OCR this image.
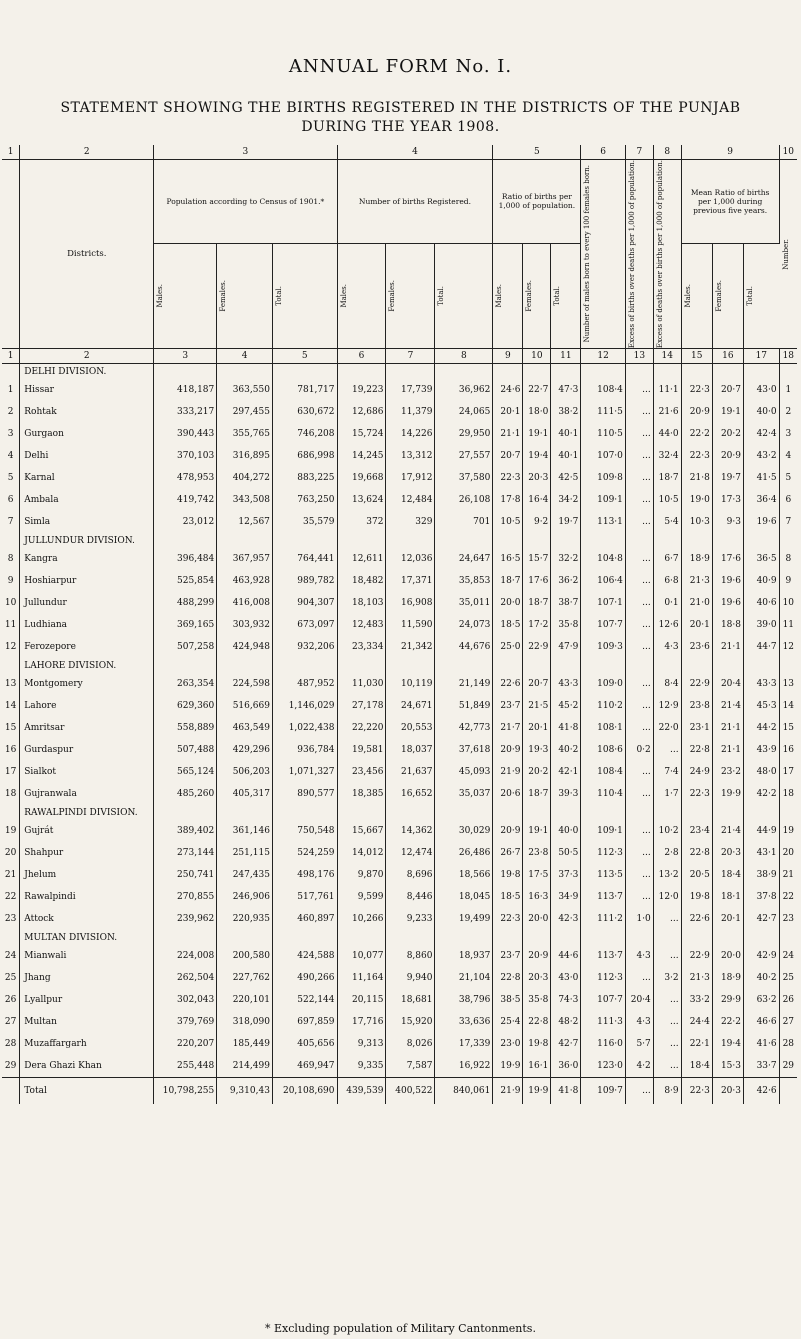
ANNUAL FORM No. I.
STATEMENT SHOWING THE BIRTHS REGISTERED IN THE DISTRICTS OF THE PUNJAB
DURING THE YEAR 1908.
1	2	3			4			5			6	7	8	9			10
	Districts.	Population according to Census of 1901.*			Number of births Registered.			Ratio of births per 1,000 of population.			Number of males born to every 100 females born.	Excess of births over deaths per 1,000 of population.	Excess of deaths over births per 1,000 of population.	Mean Ratio of births per 1,000 during previous five years.			Number.

		Males.	Females.	Total.	Males.	Females.	Total.	Males.	Females.	Total.				Males.	Females.	Total.	

1	2	3	4	5	6	7	8	9	10	11	12	13	14	15	16	17	18
	DELHI DIVISION.																
1	Hissar	418,187	363,550	781,717	19,223	17,739	36,962	24·6	22·7	47·3	108·4	...	11·1	22·3	20·7	43·0	1
2	Rohtak	333,217	297,455	630,672	12,686	11,379	24,065	20·1	18·0	38·2	111·5	...	21·6	20·9	19·1	40·0	2
3	Gurgaon	390,443	355,765	746,208	15,724	14,226	29,950	21·1	19·1	40·1	110·5	...	44·0	22·2	20·2	42·4	3
4	Delhi	370,103	316,895	686,998	14,245	13,312	27,557	20·7	19·4	40·1	107·0	...	32·4	22·3	20·9	43·2	4
5	Karnal	478,953	404,272	883,225	19,668	17,912	37,580	22·3	20·3	42·5	109·8	...	18·7	21·8	19·7	41·5	5
6	Ambala	419,742	343,508	763,250	13,624	12,484	26,108	17·8	16·4	34·2	109·1	...	10·5	19·0	17·3	36·4	6
7	Simla	23,012	12,567	35,579	372	329	701	10·5	9·2	19·7	113·1	...	5·4	10·3	9·3	19·6	7
	JULLUNDUR DIVISION.																
8	Kangra	396,484	367,957	764,441	12,611	12,036	24,647	16·5	15·7	32·2	104·8	...	6·7	18·9	17·6	36·5	8
9	Hoshiarpur	525,854	463,928	989,782	18,482	17,371	35,853	18·7	17·6	36·2	106·4	...	6·8	21·3	19·6	40·9	9
10	Jullundur	488,299	416,008	904,307	18,103	16,908	35,011	20·0	18·7	38·7	107·1	...	0·1	21·0	19·6	40·6	10
11	Ludhiana	369,165	303,932	673,097	12,483	11,590	24,073	18·5	17·2	35·8	107·7	...	12·6	20·1	18·8	39·0	11
12	Ferozepore	507,258	424,948	932,206	23,334	21,342	44,676	25·0	22·9	47·9	109·3	...	4·3	23·6	21·1	44·7	12
	LAHORE DIVISION.																
13	Montgomery	263,354	224,598	487,952	11,030	10,119	21,149	22·6	20·7	43·3	109·0	...	8·4	22·9	20·4	43·3	13
14	Lahore	629,360	516,669	1,146,029	27,178	24,671	51,849	23·7	21·5	45·2	110·2	...	12·9	23·8	21·4	45·3	14
15	Amritsar	558,889	463,549	1,022,438	22,220	20,553	42,773	21·7	20·1	41·8	108·1	...	22·0	23·1	21·1	44·2	15
16	Gurdaspur	507,488	429,296	936,784	19,581	18,037	37,618	20·9	19·3	40·2	108·6	0·2	...	22·8	21·1	43·9	16
17	Sialkot	565,124	506,203	1,071,327	23,456	21,637	45,093	21·9	20·2	42·1	108·4	...	7·4	24·9	23·2	48·0	17
18	Gujranwala	485,260	405,317	890,577	18,385	16,652	35,037	20·6	18·7	39·3	110·4	...	1·7	22·3	19·9	42·2	18
	RAWALPINDI DIVISION.																
19	Gujrát	389,402	361,146	750,548	15,667	14,362	30,029	20·9	19·1	40·0	109·1	...	10·2	23·4	21·4	44·9	19
20	Shahpur	273,144	251,115	524,259	14,012	12,474	26,486	26·7	23·8	50·5	112·3	...	2·8	22·8	20·3	43·1	20
21	Jhelum	250,741	247,435	498,176	9,870	8,696	18,566	19·8	17·5	37·3	113·5	...	13·2	20·5	18·4	38·9	21
22	Rawalpindi	270,855	246,906	517,761	9,599	8,446	18,045	18·5	16·3	34·9	113·7	...	12·0	19·8	18·1	37·8	22
23	Attock	239,962	220,935	460,897	10,266	9,233	19,499	22·3	20·0	42·3	111·2	1·0	...	22·6	20·1	42·7	23
	MULTAN DIVISION.																
24	Mianwali	224,008	200,580	424,588	10,077	8,860	18,937	23·7	20·9	44·6	113·7	4·3	...	22·9	20·0	42·9	24
25	Jhang	262,504	227,762	490,266	11,164	9,940	21,104	22·8	20·3	43·0	112·3	...	3·2	21·3	18·9	40·2	25
26	Lyallpur	302,043	220,101	522,144	20,115	18,681	38,796	38·5	35·8	74·3	107·7	20·4	...	33·2	29·9	63·2	26
27	Multan	379,769	318,090	697,859	17,716	15,920	33,636	25·4	22·8	48·2	111·3	4·3	...	24·4	22·2	46·6	27
28	Muzaffargarh	220,207	185,449	405,656	9,313	8,026	17,339	23·0	19·8	42·7	116·0	5·7	...	22·1	19·4	41·6	28
29	Dera Ghazi Khan	255,448	214,499	469,947	9,335	7,587	16,922	19·9	16·1	36·0	123·0	4·2	...	18·4	15·3	33·7	29
	Total	10,798,255	9,310,43	20,108,690	439,539	400,522	840,061	21·9	19·9	41·8	109·7	...	8·9	22·3	20·3	42·6	
* Excluding population of Military Cantonments.
